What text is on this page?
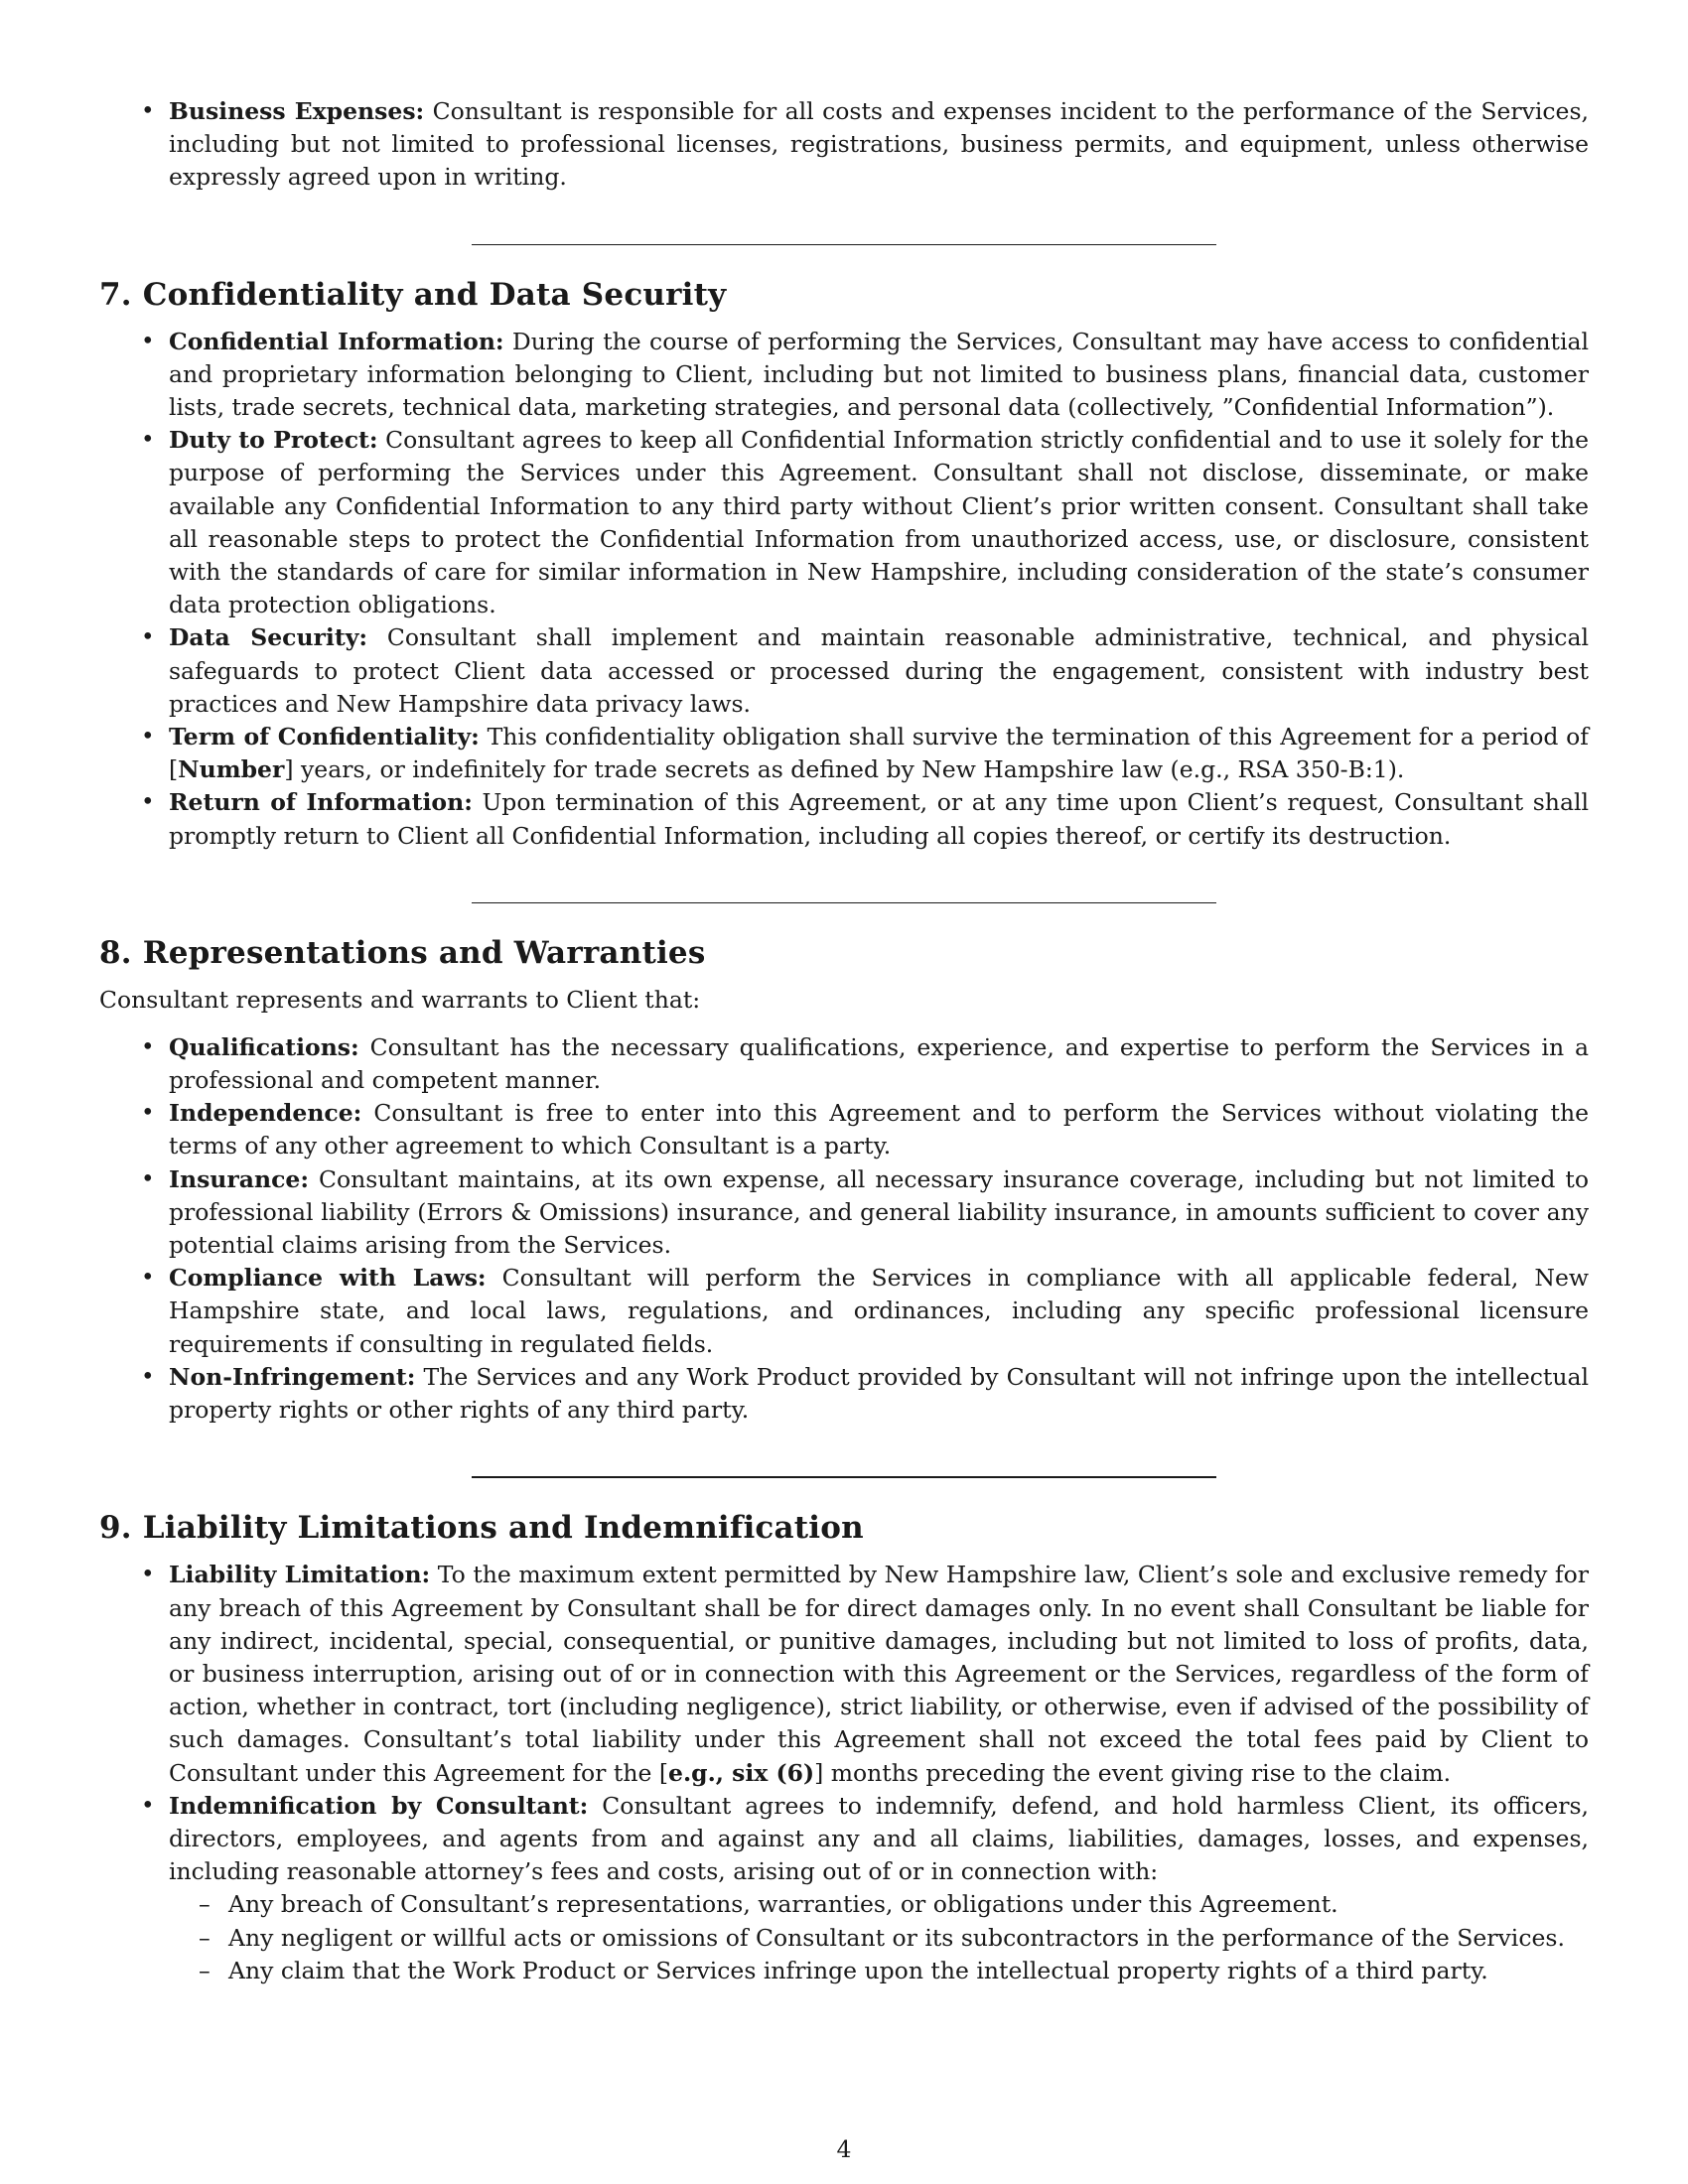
• Business Expenses: Consultant is responsible for all costs and expenses incident to the performance of the Services, including but not limited to professional licenses, registrations, business permits, and equipment, unless otherwise expressly agreed upon in writing.
7. Confidentiality and Data Security
• Confidential Information: During the course of performing the Services, Consultant may have access to confidential and proprietary information belonging to Client, including but not limited to business plans, financial data, customer lists, trade secrets, technical data, marketing strategies, and personal data (collectively, ”Confidential Information”).
• Duty to Protect: Consultant agrees to keep all Confidential Information strictly confidential and to use it solely for the purpose of performing the Services under this Agreement. Consultant shall not disclose, disseminate, or make available any Confidential Information to any third party without Client’s prior written consent. Consultant shall take all reasonable steps to protect the Confidential Information from unauthorized access, use, or disclosure, consistent with the standards of care for similar information in New Hampshire, including consideration of the state’s consumer data protection obligations.
• Data Security: Consultant shall implement and maintain reasonable administrative, technical, and physical safeguards to protect Client data accessed or processed during the engagement, consistent with industry best practices and New Hampshire data privacy laws.
• Term of Confidentiality: This confidentiality obligation shall survive the termination of this Agreement for a period of [Number] years, or indefinitely for trade secrets as defined by New Hampshire law (e.g., RSA 350-B:1).
• Return of Information: Upon termination of this Agreement, or at any time upon Client’s request, Consultant shall promptly return to Client all Confidential Information, including all copies thereof, or certify its destruction.
8. Representations and Warranties

Consultant represents and warrants to Client that:

• Qualifications: Consultant has the necessary qualifications, experience, and expertise to perform the Services in a professional and competent manner.
• Independence: Consultant is free to enter into this Agreement and to perform the Services without violating the terms of any other agreement to which Consultant is a party.
• Insurance: Consultant maintains, at its own expense, all necessary insurance coverage, including but not limited to professional liability (Errors & Omissions) insurance, and general liability insurance, in amounts sufficient to cover any potential claims arising from the Services.
• Compliance with Laws: Consultant will perform the Services in compliance with all applicable federal, New Hampshire state, and local laws, regulations, and ordinances, including any specific professional licensure requirements if consulting in regulated fields.
• Non-Infringement: The Services and any Work Product provided by Consultant will not infringe upon the intellectual property rights or other rights of any third party.
9. Liability Limitations and Indemnification
• Liability Limitation: To the maximum extent permitted by New Hampshire law, Client’s sole and exclusive remedy for any breach of this Agreement by Consultant shall be for direct damages only. In no event shall Consultant be liable for any indirect, incidental, special, consequential, or punitive damages, including but not limited to loss of profits, data, or business interruption, arising out of or in connection with this Agreement or the Services, regardless of the form of action, whether in contract, tort (including negligence), strict liability, or otherwise, even if advised of the possibility of such damages. Consultant’s total liability under this Agreement shall not exceed the total fees paid by Client to Consultant under this Agreement for the [e.g., six (6)] months preceding the event giving rise to the claim.
• Indemnification by Consultant: Consultant agrees to indemnify, defend, and hold harmless Client, its officers, directors, employees, and agents from and against any and all claims, liabilities, damages, losses, and expenses, including reasonable attorney’s fees and costs, arising out of or in connection with:
– Any breach of Consultant’s representations, warranties, or obligations under this Agreement.
– Any negligent or willful acts or omissions of Consultant or its subcontractors in the performance of the Services.
– Any claim that the Work Product or Services infringe upon the intellectual property rights of a third party.
4
